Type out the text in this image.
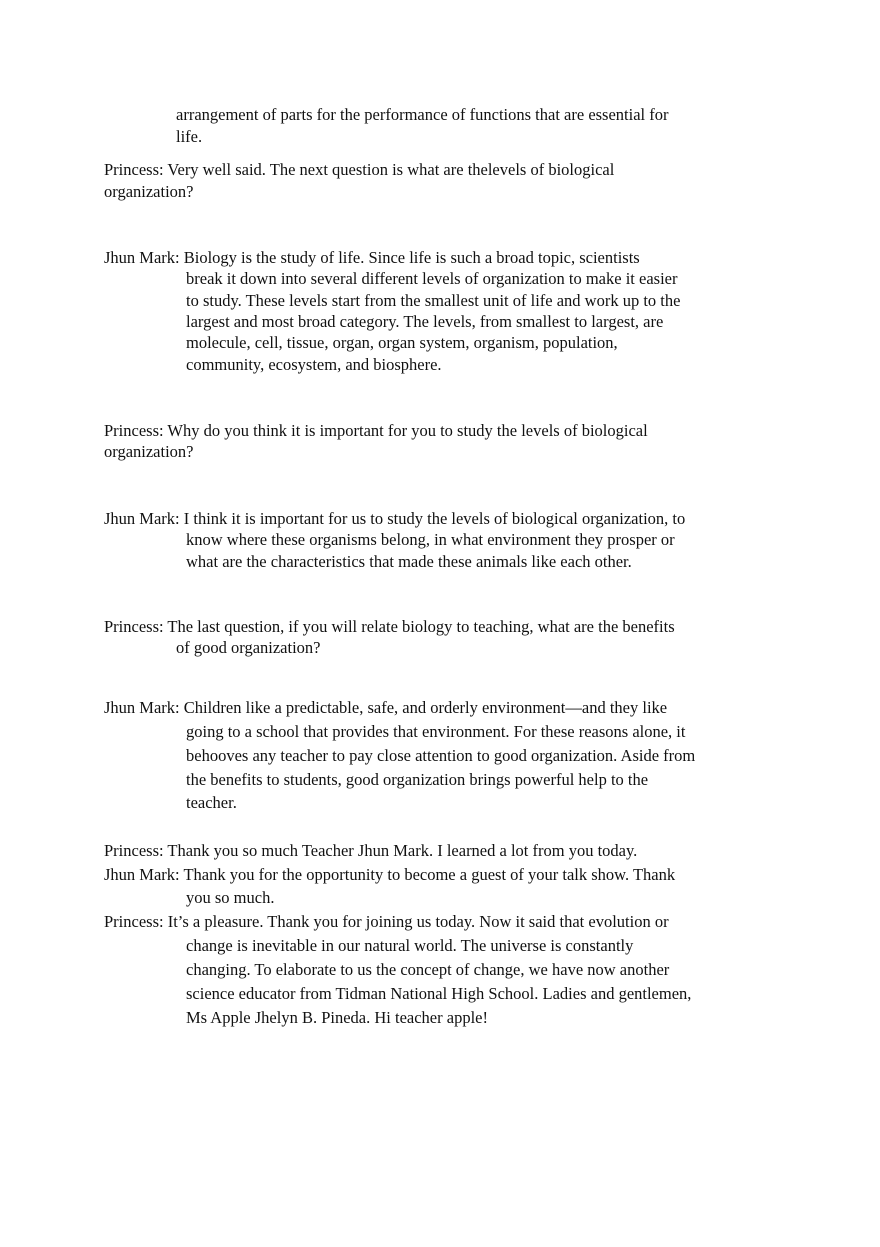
arrangement of parts for the performance of functions that are essential for
life.
Princess: Very well said. The next question is what are thelevels of biological
organization?
Jhun Mark: Biology is the study of life. Since life is such a broad topic, scientists
break it down into several different levels of organization to make it easier
to study. These levels start from the smallest unit of life and work up to the
largest and most broad category. The levels, from smallest to largest, are
molecule, cell, tissue, organ, organ system, organism, population,
community, ecosystem, and biosphere.
Princess: Why do you think it is important for you to study the levels of biological
organization?
Jhun Mark: I think it is important for us to study the levels of biological organization, to
know where these organisms belong, in what environment they prosper or
what are the characteristics that made these animals like each other.
Princess: The last question, if you will relate biology to teaching, what are the benefits
of good organization?
Jhun Mark: Children like a predictable, safe, and orderly environment—and they like
going to a school that provides that environment. For these reasons alone, it
behooves any teacher to pay close attention to good organization. Aside from
the benefits to students, good organization brings powerful help to the
teacher.
Princess: Thank you so much Teacher Jhun Mark. I learned a lot from you today.
Jhun Mark: Thank you for the opportunity to become a guest of your talk show. Thank
you so much.
Princess: It’s a pleasure. Thank you for joining us today. Now it said that evolution or
change is inevitable in our natural world. The universe is constantly
changing. To elaborate to us the concept of change, we have now another
science educator from Tidman National High School. Ladies and gentlemen,
Ms Apple Jhelyn B. Pineda. Hi teacher apple!
